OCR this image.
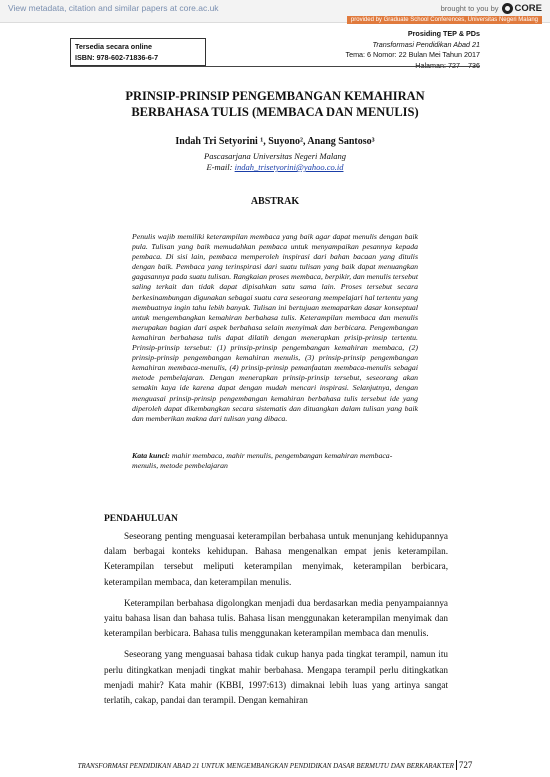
View metadata, citation and similar papers at core.ac.uk	brought to you by CORE
provided by Graduate School Conferences, Universitas Negeri Malang
Tersedia secara online
ISBN: 978-602-71836-6-7
Prosiding TEP & PDs
Transformasi Pendidikan Abad 21
Tema: 6 Nomor: 22 Bulan Mei Tahun 2017
Halaman: 727 – 736
PRINSIP-PRINSIP PENGEMBANGAN KEMAHIRAN
BERBAHASA TULIS (MEMBACA DAN MENULIS)
Indah Tri Setyorini ¹, Suyono², Anang Santoso³
Pascasarjana Universitas Negeri Malang
E-mail: indah_trisetyorini@yahoo.co.id
ABSTRAK
Penulis wajib memiliki keterampilan membaca yang baik agar dapat menulis dengan baik pula. Tulisan yang baik memudahkan pembaca untuk menyampaikan pesannya kepada pembaca. Di sisi lain, pembaca memperoleh inspirasi dari bahan bacaan yang ditulis dengan baik. Pembaca yang terinspirasi dari suatu tulisan yang baik dapat menuangkan gagasannya pada suatu tulisan. Rangkaian proses membaca, berpikir, dan menulis tersebut saling terkait dan tidak dapat dipisahkan satu sama lain. Proses tersebut secara berkesinambungan digunakan sebagai suatu cara seseorang mempelajari hal tertentu yang membuatnya ingin tahu lebih banyak. Tulisan ini bertujuan memaparkan dasar konseptual untuk mengembangkan kemahiran berbahasa tulis. Keterampilan membaca dan menulis merupakan bagian dari aspek berbahasa selain menyimak dan berbicara. Pengembangan kemahiran berbahasa tulis dapat dilatih dengan menerapkan prisip-prinsip tertentu. Prinsip-prinsip tersebut: (1) prinsip-prinsip pengembangan kemahiran membaca, (2) prinsip-prinsip pengembangan kemahiran menulis, (3) prinsip-prinsip pengembangan kemahiran membaca-menulis, (4) prinsip-prinsip pemanfaatan membaca-menulis sebagai metode pembelajaran. Dengan menerapkan prinsip-prinsip tersebut, seseorang akan semakin kaya ide karena dapat dengan mudah mencari inspirasi. Selanjutnya, dengan menguasai prinsip-prinsip pengembangan kemahiran berbahasa tulis tersebut ide yang diperoleh dapat dikembangkan secara sistematis dan dituangkan dalam tulisan yang baik dan memberikan makna dari tulisan yang dibaca.
Kata kunci: mahir membaca, mahir menulis, pengembangan kemahiran membaca-menulis, metode pembelajaran
PENDAHULUAN

Seseorang penting menguasai keterampilan berbahasa untuk menunjang kehidupannya dalam berbagai konteks kehidupan. Bahasa mengenalkan empat jenis keterampilan. Keterampilan tersebut meliputi keterampilan menyimak, keterampilan berbicara, keterampilan membaca, dan keterampilan menulis.

Keterampilan berbahasa digolongkan menjadi dua berdasarkan media penyampaiannya yaitu bahasa lisan dan bahasa tulis. Bahasa lisan menggunakan keterampilan menyimak dan keterampilan berbicara. Bahasa tulis menggunakan keterampilan membaca dan menulis.

Seseorang yang menguasai bahasa tidak cukup hanya pada tingkat terampil, namun itu perlu ditingkatkan menjadi tingkat mahir berbahasa. Mengapa terampil perlu ditingkatkan menjadi mahir? Kata mahir (KBBI, 1997:613) dimaknai lebih luas yang artinya sangat terlatih, cakap, pandai dan terampil. Dengan kemahiran

TRANSFORMASI PENDIDIKAN ABAD 21 UNTUK MENGEMBANGKAN PENDIDIKAN DASAR BERMUTU DAN BERKARAKTER 727
